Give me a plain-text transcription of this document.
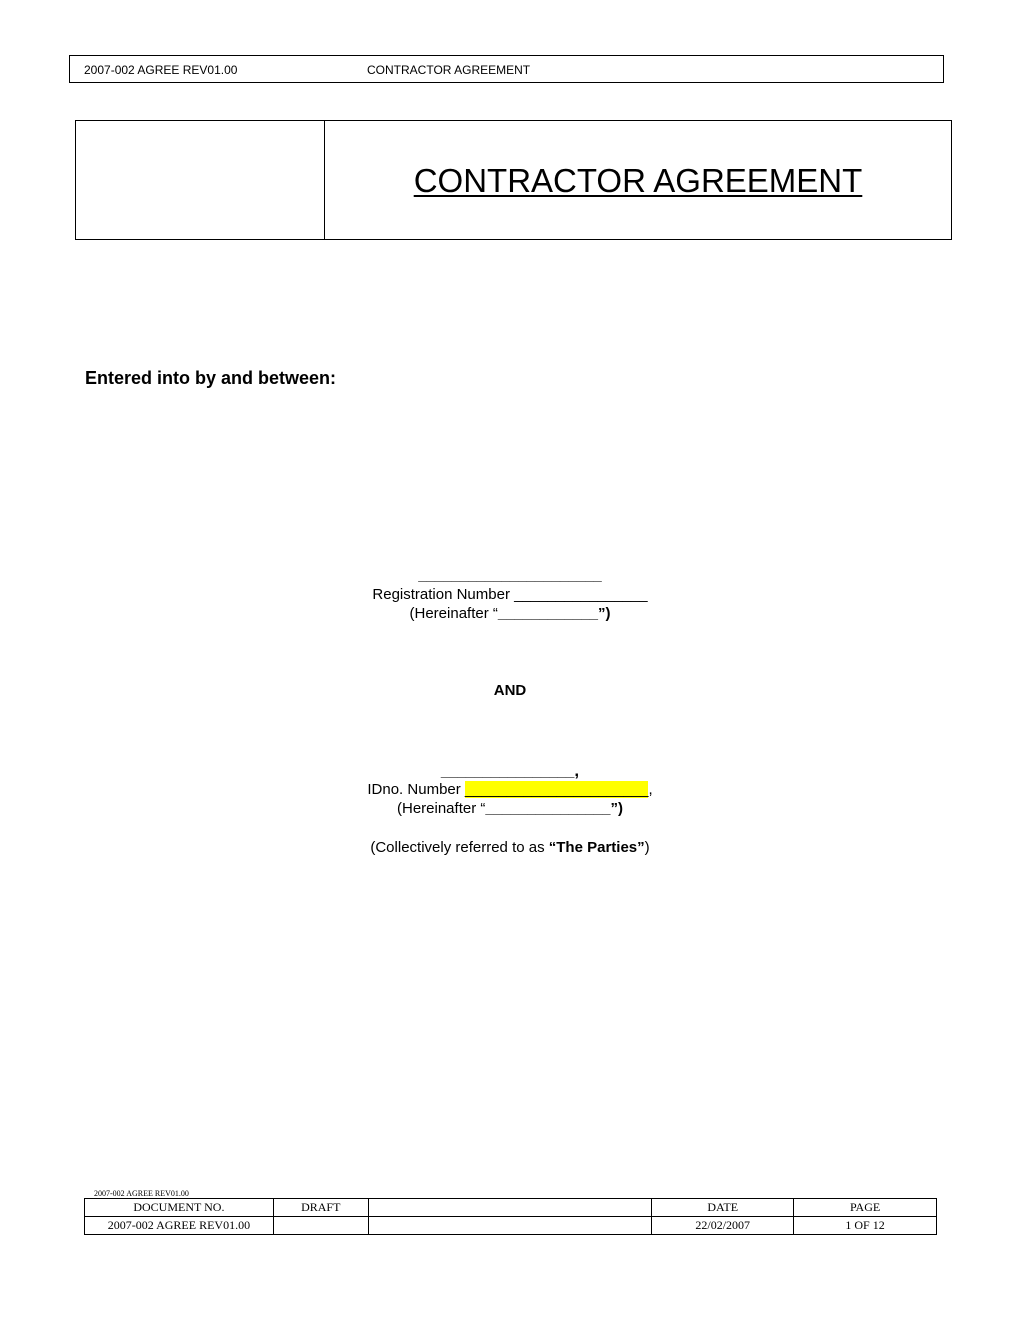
2007-002 AGREE REV01.00	CONTRACTOR AGREEMENT
CONTRACTOR AGREEMENT
Entered into by and between:
______________________
Registration Number ________________
(Hereinafter “____________”)
AND
________________,
IDno. Number ______________________,
(Hereinafter “_______________”)
(Collectively referred to as “The Parties”)
2007-002 AGREE REV01.00
DOCUMENT NO.	DRAFT		DATE	PAGE
2007-002 AGREE REV01.00			22/02/2007	1 OF 12
